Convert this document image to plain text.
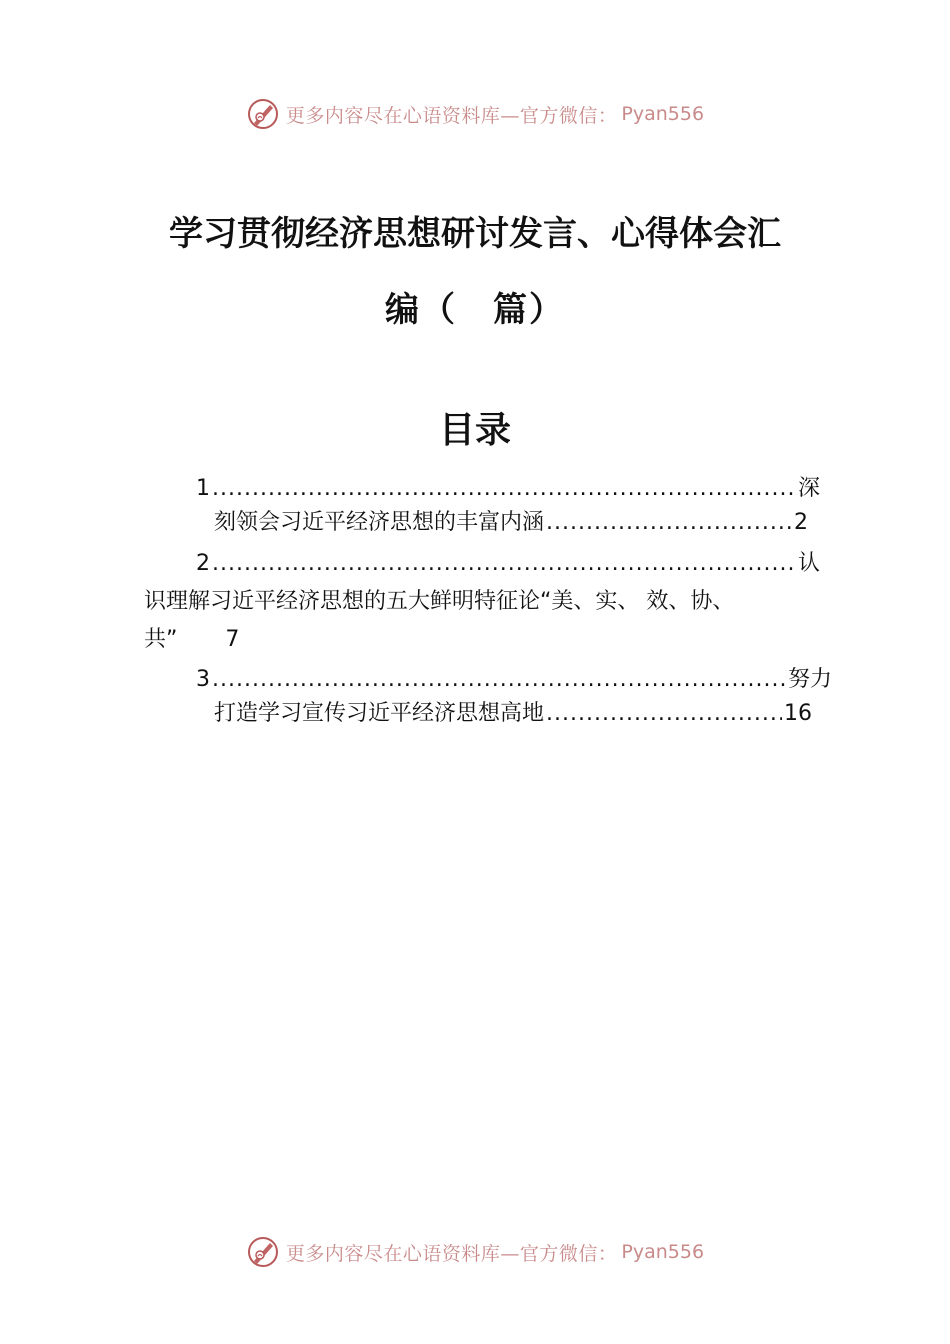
更多内容尽在心语资料库—官方微信： Pyan556
学习贯彻经济思想研讨发言、心得体会汇
编（　篇）
目录
1 .....	深
刻领会习近平经济思想的丰富内涵 .....	2
2 .....	认
识理解习近平经济思想的五大鲜明特征论“美、实、 效、协、
共” 7
3 .....	努力
打造学习宣传习近平经济思想高地 .....	16
更多内容尽在心语资料库—官方微信： Pyan556
